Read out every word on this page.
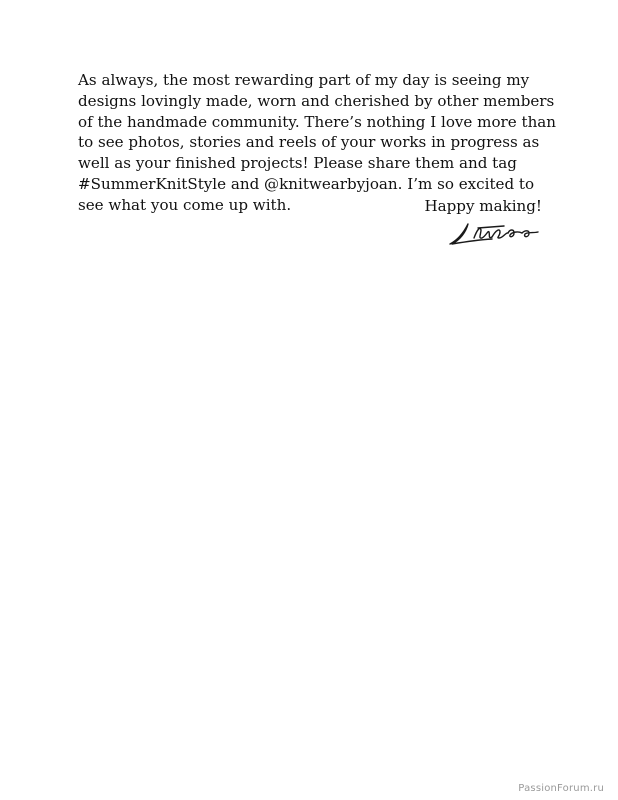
As always, the most rewarding part of my day is seeing my designs lovingly made, worn and cherished by other members of the handmade community. There’s nothing I love more than to see photos, stories and reels of your works in progress as well as your finished projects! Please share them and tag #SummerKnitStyle and @knitwearbyjoan. I’m so excited to see what you come up with.	Happy making!

PassionForum.ru
